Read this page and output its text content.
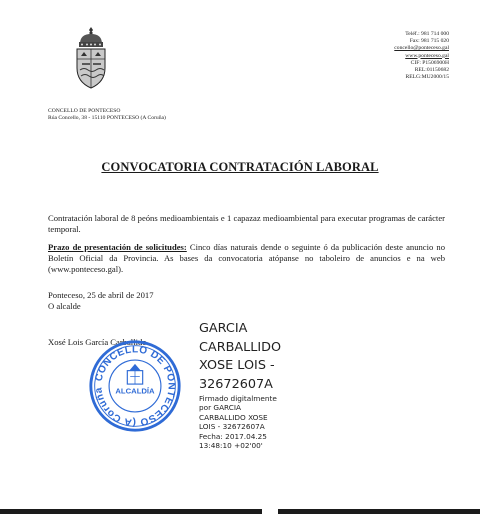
Teléf.: 981 714 000
Fax: 981 715 020
concello@ponteceso.gal
www.ponteceso.gal
CIF: P1506900H
REL:01150682
RELG:MU2000/15
CONCELLO DE PONTECESO
Rúa Concello, 38 - 15110 PONTECESO (A Coruña)
CONVOCATORIA CONTRATACIÓN LABORAL
Contratación laboral de 8 peóns medioambientais e 1 capazaz medioambiental para executar programas de carácter temporal.
Prazo de presentación de solicitudes: Cinco días naturais dende o seguinte ó da publicación deste anuncio no Boletín Oficial da Provincia. As bases da convocatoria atópanse no taboleiro de anuncios e na web (www.ponteceso.gal).
Ponteceso, 25 de abril de 2017
O alcalde
Xosé Lois García Carballido
CONCELLO DE PONTECESO (A Coruña	ALCALDÍA
GARCIA
CARBALLIDO
XOSE LOIS -
32672607A
Firmado digitalmente
por GARCIA
CARBALLIDO XOSE
LOIS - 32672607A
Fecha: 2017.04.25
13:48:10 +02'00'
